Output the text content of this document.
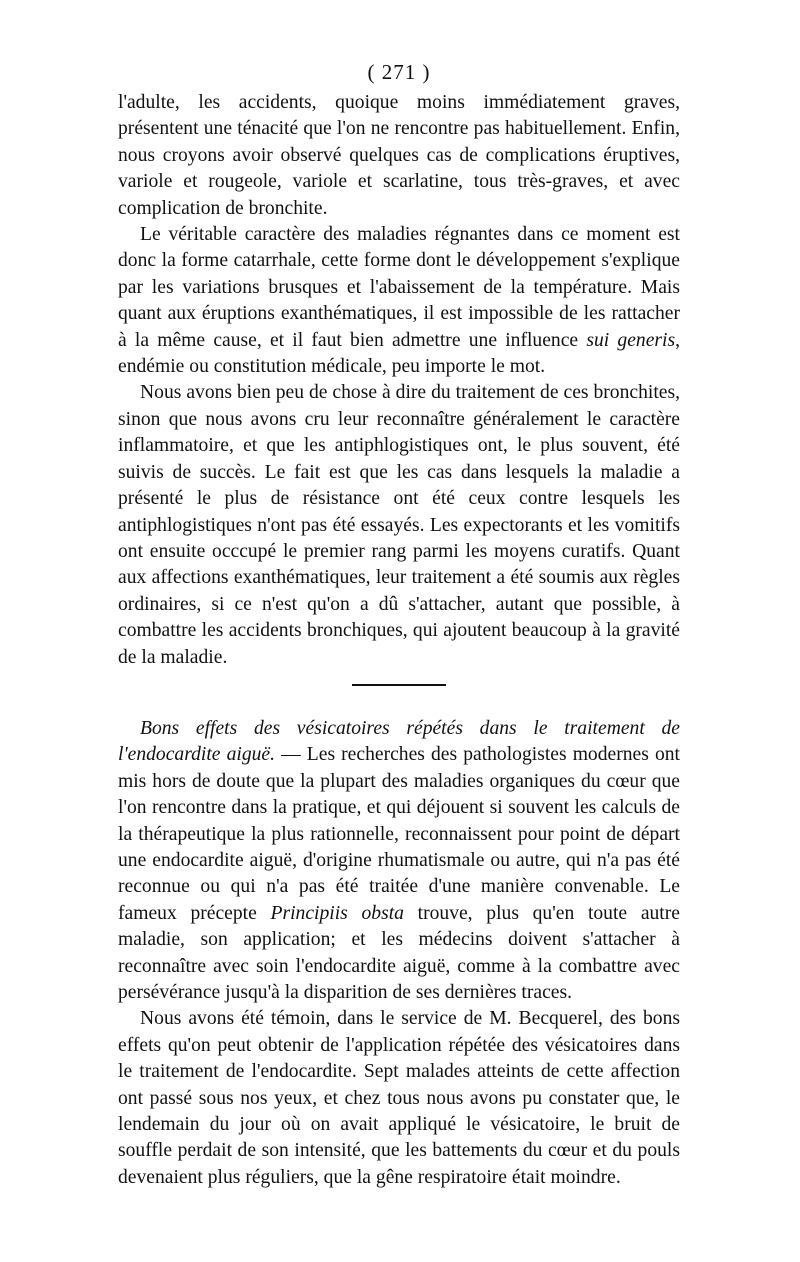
( 271 )

l'adulte, les accidents, quoique moins immédiatement graves, présentent une ténacité que l'on ne rencontre pas habituellement. Enfin, nous croyons avoir observé quelques cas de complications éruptives, variole et rougeole, variole et scarlatine, tous très-graves, et avec complication de bronchite.

Le véritable caractère des maladies régnantes dans ce moment est donc la forme catarrhale, cette forme dont le développement s'explique par les variations brusques et l'abaissement de la température. Mais quant aux éruptions exanthématiques, il est impossible de les rattacher à la même cause, et il faut bien admettre une influence sui generis, endémie ou constitution médicale, peu importe le mot.

Nous avons bien peu de chose à dire du traitement de ces bronchites, sinon que nous avons cru leur reconnaître généralement le caractère inflammatoire, et que les antiphlogistiques ont, le plus souvent, été suivis de succès. Le fait est que les cas dans lesquels la maladie a présenté le plus de résistance ont été ceux contre lesquels les antiphlogistiques n'ont pas été essayés. Les expectorants et les vomitifs ont ensuite occcupé le premier rang parmi les moyens curatifs. Quant aux affections exanthématiques, leur traitement a été soumis aux règles ordinaires, si ce n'est qu'on a dû s'attacher, autant que possible, à combattre les accidents bronchiques, qui ajoutent beaucoup à la gravité de la maladie.

Bons effets des vésicatoires répétés dans le traitement de l'endocardite aiguë. — Les recherches des pathologistes modernes ont mis hors de doute que la plupart des maladies organiques du cœur que l'on rencontre dans la pratique, et qui déjouent si souvent les calculs de la thérapeutique la plus rationnelle, reconnaissent pour point de départ une endocardite aiguë, d'origine rhumatismale ou autre, qui n'a pas été reconnue ou qui n'a pas été traitée d'une manière convenable. Le fameux précepte Principiis obsta trouve, plus qu'en toute autre maladie, son application; et les médecins doivent s'attacher à reconnaître avec soin l'endocardite aiguë, comme à la combattre avec persévérance jusqu'à la disparition de ses dernières traces.

Nous avons été témoin, dans le service de M. Becquerel, des bons effets qu'on peut obtenir de l'application répétée des vésicatoires dans le traitement de l'endocardite. Sept malades atteints de cette affection ont passé sous nos yeux, et chez tous nous avons pu constater que, le lendemain du jour où on avait appliqué le vésicatoire, le bruit de souffle perdait de son intensité, que les battements du cœur et du pouls devenaient plus réguliers, que la gêne respiratoire était moindre.
